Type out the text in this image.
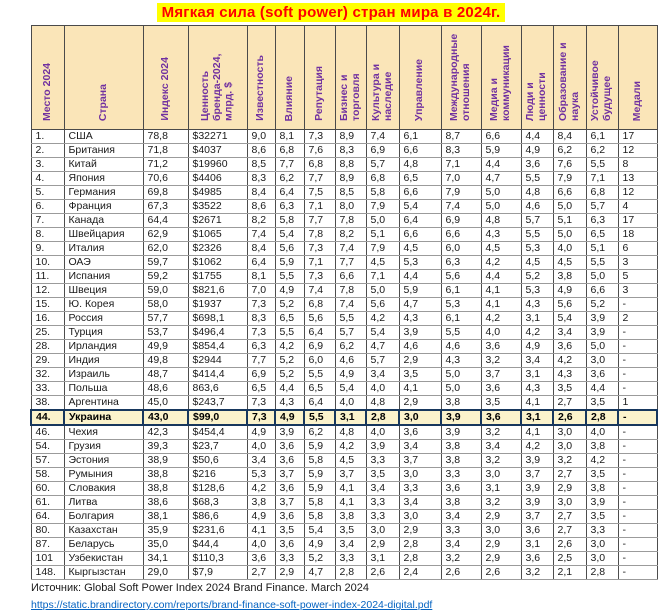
Мягкая сила (soft power) стран мира в 2024г.
Место 2024	Страна	Индекс 2024	Ценность бренда-2024, млрд. $	Известность	Влияние	Репутация	Бизнес и торговля	Культура и наследие	Управление	Международные отношения	Медиа и коммуникации	Люди и ценности	Образование и наука	Устойчивое будущее	Медали
1.	США	78,8	$32271	9,0	8,1	7,3	8,9	7,4	6,1	8,7	6,6	4,4	8,4	6,1	17
2.	Британия	71,8	$4037	8,6	6,8	7,6	8,3	6,9	6,6	8,3	5,9	4,9	6,2	6,2	12
3.	Китай	71,2	$19960	8,5	7,7	6,8	8,8	5,7	4,8	7,1	4,4	3,6	7,6	5,5	8
4.	Япония	70,6	$4406	8,3	6,2	7,7	8,9	6,8	6,5	7,0	4,7	5,5	7,9	7,1	13
5.	Германия	69,8	$4985	8,4	6,4	7,5	8,5	5,8	6,6	7,9	5,0	4,8	6,6	6,8	12
6.	Франция	67,3	$3522	8,6	6,3	7,1	8,0	7,9	5,4	7,4	5,0	4,6	5,0	5,7	4
7.	Канада	64,4	$2671	8,2	5,8	7,7	7,8	5,0	6,4	6,9	4,8	5,7	5,1	6,3	17
8.	Швейцария	62,9	$1065	7,4	5,4	7,8	8,2	5,1	6,6	6,6	4,3	5,5	5,0	6,5	18
9.	Италия	62,0	$2326	8,4	5,6	7,3	7,4	7,9	4,5	6,0	4,5	5,3	4,0	5,1	6
10.	ОАЭ	59,7	$1062	6,4	5,9	7,1	7,7	4,5	5,3	6,3	4,2	4,5	4,5	5,5	3
11.	Испания	59,2	$1755	8,1	5,5	7,3	6,6	7,1	4,4	5,6	4,4	5,2	3,8	5,0	5
12.	Швеция	59,0	$821,6	7,0	4,9	7,4	7,8	5,0	5,9	6,1	4,1	5,3	4,9	6,6	3
15.	Ю. Корея	58,0	$1937	7,3	5,2	6,8	7,4	5,6	4,7	5,3	4,1	4,3	5,6	5,2	-
16.	Россия	57,7	$698,1	8,3	6,5	5,6	5,5	4,2	4,3	6,1	4,2	3,1	5,4	3,9	2
25.	Турция	53,7	$496,4	7,3	5,5	6,4	5,7	5,4	3,9	5,5	4,0	4,2	3,4	3,9	-
28.	Ирландия	49,9	$854,4	6,3	4,2	6,9	6,2	4,7	4,6	4,6	3,6	4,9	3,6	5,0	-
29.	Индия	49,8	$2944	7,7	5,2	6,0	4,6	5,7	2,9	4,3	3,2	3,4	4,2	3,0	-
32.	Израиль	48,7	$414,4	6,9	5,2	5,5	4,9	3,4	3,5	5,0	3,7	3,1	4,3	3,6	-
33.	Польша	48,6	863,6	6,5	4,4	6,5	5,4	4,0	4,1	5,0	3,6	4,3	3,5	4,4	-
38.	Аргентина	45,0	$243,7	7,3	4,3	6,4	4,0	4,8	2,9	3,8	3,5	4,1	2,7	3,5	1
44.	Украина	43,0	$99,0	7,3	4,9	5,5	3,1	2,8	3,0	3,9	3,6	3,1	2,6	2,8	-
46.	Чехия	42,3	$454,4	4,9	3,9	6,2	4,8	4,0	3,6	3,9	3,2	4,1	3,0	4,0	-
54.	Грузия	39,3	$23,7	4,0	3,6	5,9	4,2	3,9	3,4	3,8	3,4	4,2	3,0	3,8	-
57.	Эстония	38,9	$50,6	3,4	3,6	5,8	4,5	3,3	3,7	3,8	3,2	3,9	3,2	4,2	-
58.	Румыния	38,8	$216	5,3	3,7	5,9	3,7	3,5	3,0	3,3	3,0	3,7	2,7	3,5	-
60.	Словакия	38,8	$128,6	4,2	3,6	5,9	4,1	3,4	3,3	3,6	3,1	3,9	2,9	3,8	-
61.	Литва	38,6	$68,3	3,8	3,7	5,8	4,1	3,3	3,4	3,8	3,2	3,9	3,0	3,9	-
64.	Болгария	38,1	$86,6	4,9	3,6	5,8	3,8	3,3	3,0	3,4	2,9	3,7	2,7	3,5	-
80.	Казахстан	35,9	$231,6	4,1	3,5	5,4	3,5	3,0	2,9	3,3	3,0	3,6	2,7	3,3	-
87.	Беларусь	35,0	$44,4	4,0	3,6	4,9	3,4	2,9	2,8	3,4	2,9	3,1	2,6	3,0	-
101	Узбекистан	34,1	$110,3	3,6	3,3	5,2	3,3	3,1	2,8	3,2	2,9	3,6	2,5	3,0	-
148.	Кыргызстан	29,0	$7,9	2,7	2,9	4,7	2,8	2,6	2,4	2,6	2,6	3,2	2,1	2,8	-
Источник: Global Soft Power Index 2024 Brand Finance. March 2024
https://static.brandirectory.com/reports/brand-finance-soft-power-index-2024-digital.pdf
